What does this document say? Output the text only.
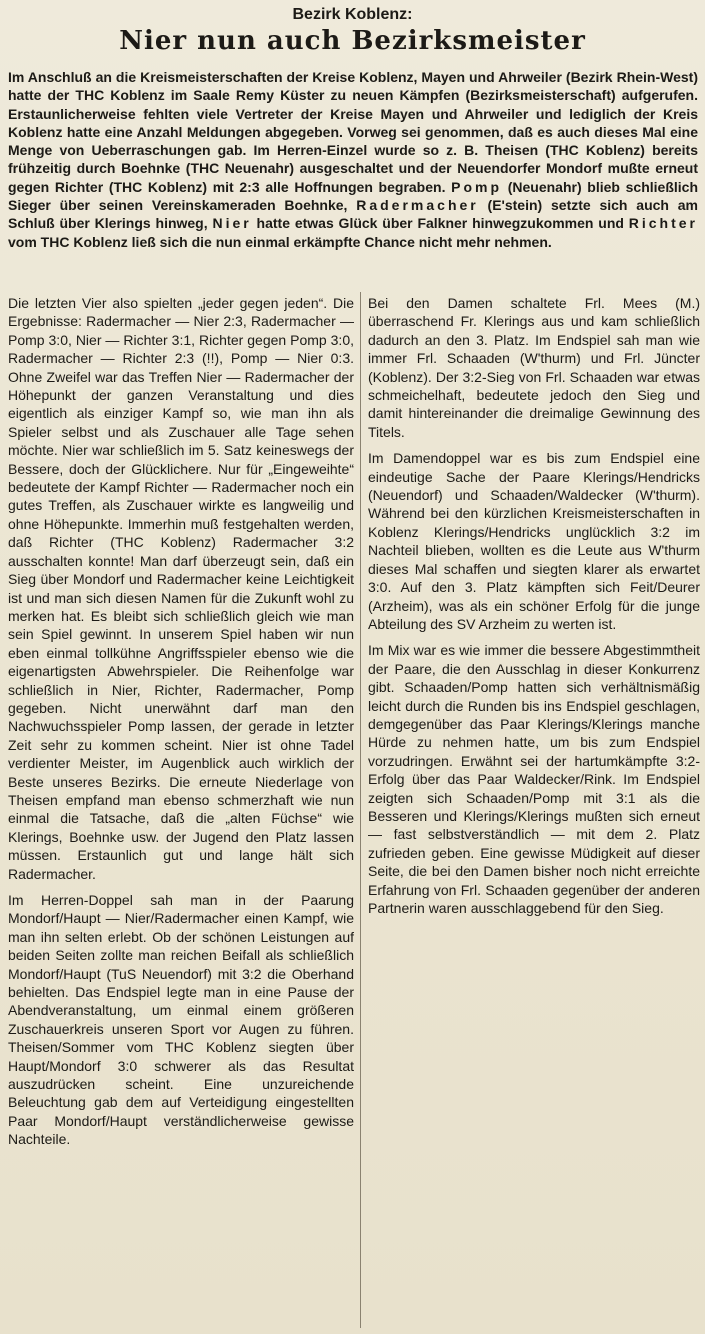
Bezirk Koblenz:
Nier nun auch Bezirksmeister

Im Anschluß an die Kreismeisterschaften der Kreise Koblenz, Mayen und Ahrweiler (Bezirk Rhein-West) hatte der THC Koblenz im Saale Remy Küster zu neuen Kämpfen (Bezirksmeisterschaft) aufgerufen. Erstaunlicherweise fehlten viele Vertreter der Kreise Mayen und Ahrweiler und lediglich der Kreis Koblenz hatte eine Anzahl Meldungen abgegeben. Vorweg sei genommen, daß es auch dieses Mal eine Menge von Ueberraschungen gab. Im Herren-Einzel wurde so z. B. Theisen (THC Koblenz) bereits frühzeitig durch Boehnke (THC Neuenahr) ausgeschaltet und der Neuendorfer Mondorf mußte erneut gegen Richter (THC Koblenz) mit 2:3 alle Hoffnungen begraben. Pomp (Neuenahr) blieb schließlich Sieger über seinen Vereinskameraden Boehnke, Radermacher (E'stein) setzte sich auch am Schluß über Klerings hinweg, Nier hatte etwas Glück über Falkner hinwegzukommen und Richter vom THC Koblenz ließ sich die nun einmal erkämpfte Chance nicht mehr nehmen.

Die letzten Vier also spielten „jeder gegen jeden“. Die Ergebnisse: Radermacher — Nier 2:3, Radermacher — Pomp 3:0, Nier — Richter 3:1, Richter gegen Pomp 3:0, Radermacher — Richter 2:3 (!!), Pomp — Nier 0:3. Ohne Zweifel war das Treffen Nier — Radermacher der Höhepunkt der ganzen Veranstaltung und dies eigentlich als einziger Kampf so, wie man ihn als Spieler selbst und als Zuschauer alle Tage sehen möchte. Nier war schließlich im 5. Satz keineswegs der Bessere, doch der Glücklichere. Nur für „Eingeweihte“ bedeutete der Kampf Richter — Radermacher noch ein gutes Treffen, als Zuschauer wirkte es langweilig und ohne Höhepunkte. Immerhin muß festgehalten werden, daß Richter (THC Koblenz) Radermacher 3:2 ausschalten konnte! Man darf überzeugt sein, daß ein Sieg über Mondorf und Radermacher keine Leichtigkeit ist und man sich diesen Namen für die Zukunft wohl zu merken hat. Es bleibt sich schließlich gleich wie man sein Spiel gewinnt. In unserem Spiel haben wir nun eben einmal tollkühne Angriffsspieler ebenso wie die eigenartigsten Abwehrspieler. Die Reihenfolge war schließlich in Nier, Richter, Radermacher, Pomp gegeben. Nicht unerwähnt darf man den Nachwuchsspieler Pomp lassen, der gerade in letzter Zeit sehr zu kommen scheint. Nier ist ohne Tadel verdienter Meister, im Augenblick auch wirklich der Beste unseres Bezirks. Die erneute Niederlage von Theisen empfand man ebenso schmerzhaft wie nun einmal die Tatsache, daß die „alten Füchse“ wie Klerings, Boehnke usw. der Jugend den Platz lassen müssen. Erstaunlich gut und lange hält sich Radermacher.

Im Herren-Doppel sah man in der Paarung Mondorf/Haupt — Nier/Radermacher einen Kampf, wie man ihn selten erlebt. Ob der schönen Leistungen auf beiden Seiten zollte man reichen Beifall als schließlich Mondorf/Haupt (TuS Neuendorf) mit 3:2 die Oberhand behielten. Das Endspiel legte man in eine Pause der Abendveranstaltung, um einmal einem größeren Zuschauerkreis unseren Sport vor Augen zu führen. Theisen/Sommer vom THC Koblenz siegten über Haupt/Mondorf 3:0 schwerer als das Resultat auszudrücken scheint. Eine unzureichende Beleuchtung gab dem auf Verteidigung eingestellten Paar Mondorf/Haupt verständlicherweise gewisse Nachteile.

Bei den Damen schaltete Frl. Mees (M.) überraschend Fr. Klerings aus und kam schließlich dadurch an den 3. Platz. Im Endspiel sah man wie immer Frl. Schaaden (W'thurm) und Frl. Jüncter (Koblenz). Der 3:2-Sieg von Frl. Schaaden war etwas schmeichelhaft, bedeutete jedoch den Sieg und damit hintereinander die dreimalige Gewinnung des Titels.

Im Damendoppel war es bis zum Endspiel eine eindeutige Sache der Paare Klerings/Hendricks (Neuendorf) und Schaaden/Waldecker (W'thurm). Während bei den kürzlichen Kreismeisterschaften in Koblenz Klerings/Hendricks unglücklich 3:2 im Nachteil blieben, wollten es die Leute aus W'thurm dieses Mal schaffen und siegten klarer als erwartet 3:0. Auf den 3. Platz kämpften sich Feit/Deurer (Arzheim), was als ein schöner Erfolg für die junge Abteilung des SV Arzheim zu werten ist.

Im Mix war es wie immer die bessere Abgestimmtheit der Paare, die den Ausschlag in dieser Konkurrenz gibt. Schaaden/Pomp hatten sich verhältnismäßig leicht durch die Runden bis ins Endspiel geschlagen, demgegenüber das Paar Klerings/Klerings manche Hürde zu nehmen hatte, um bis zum Endspiel vorzudringen. Erwähnt sei der hartumkämpfte 3:2-Erfolg über das Paar Waldecker/Rink. Im Endspiel zeigten sich Schaaden/Pomp mit 3:1 als die Besseren und Klerings/Klerings mußten sich erneut — fast selbstverständlich — mit dem 2. Platz zufrieden geben. Eine gewisse Müdigkeit auf dieser Seite, die bei den Damen bisher noch nicht erreichte Erfahrung von Frl. Schaaden gegenüber der anderen Partnerin waren ausschlaggebend für den Sieg.
